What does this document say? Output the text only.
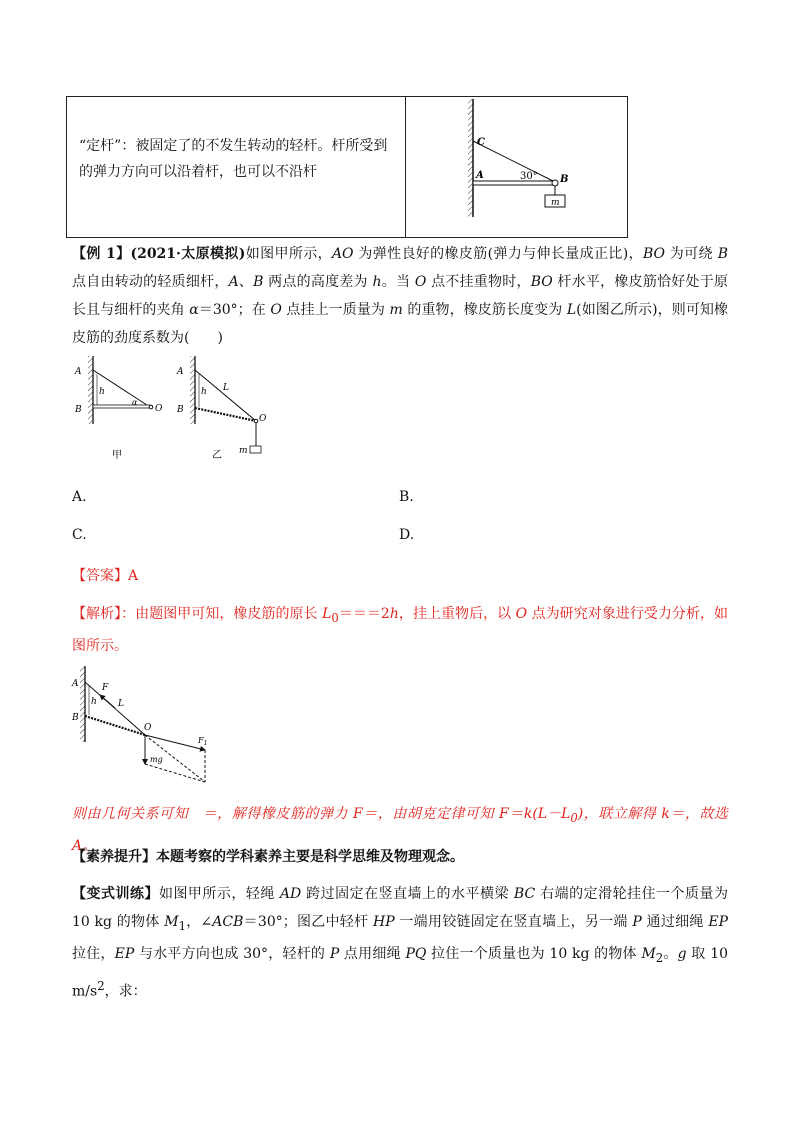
“定杆”：被固定了的不发生转动的轻杆。杆所受到的弹力方向可以沿着杆，也可以不沿杆
C
A	B
30°
m
【例 1】(2021·太原模拟)如图甲所示，AO 为弹性良好的橡皮筋(弹力与伸长量成正比)，BO 为可绕 B 点自由转动的轻质细杆，A、B 两点的高度差为 h。当 O 点不挂重物时，BO 杆水平，橡皮筋恰好处于原长且与细杆的夹角 α＝30°；在 O 点挂上一质量为 m 的重物，橡皮筋长度变为 L(如图乙所示)，则可知橡皮筋的劲度系数为(　　)
A
B
h
α
O
甲
A
B
h L
O
m
乙
A.	B.
C.	D.
【答案】A
【解析】：由题图甲可知，橡皮筋的原长 $L_0===2h$，挂上重物后，以 O 点为研究对象进行受力分析，如图所示。
A
B
F
L
h
O
$F_1$
mg
则由几何关系可知　＝，解得橡皮筋的弹力 F＝，由胡克定律可知 $F=k(L-L_0)$，联立解得 k＝，故选 A。
【素养提升】本题考察的学科素养主要是科学思维及物理观念。
【变式训练】如图甲所示，轻绳 AD 跨过固定在竖直墙上的水平横梁 BC 右端的定滑轮挂住一个质量为 10 kg 的物体 $M_1$，∠ACB＝30°；图乙中轻杆 HP 一端用铰链固定在竖直墙上，另一端 P 通过细绳 EP 拉住，EP 与水平方向也成 30°，轻杆的 P 点用细绳 PQ 拉住一个质量也为 10 kg 的物体 $M_2$。g 取 10 $m/s^2$，求：
